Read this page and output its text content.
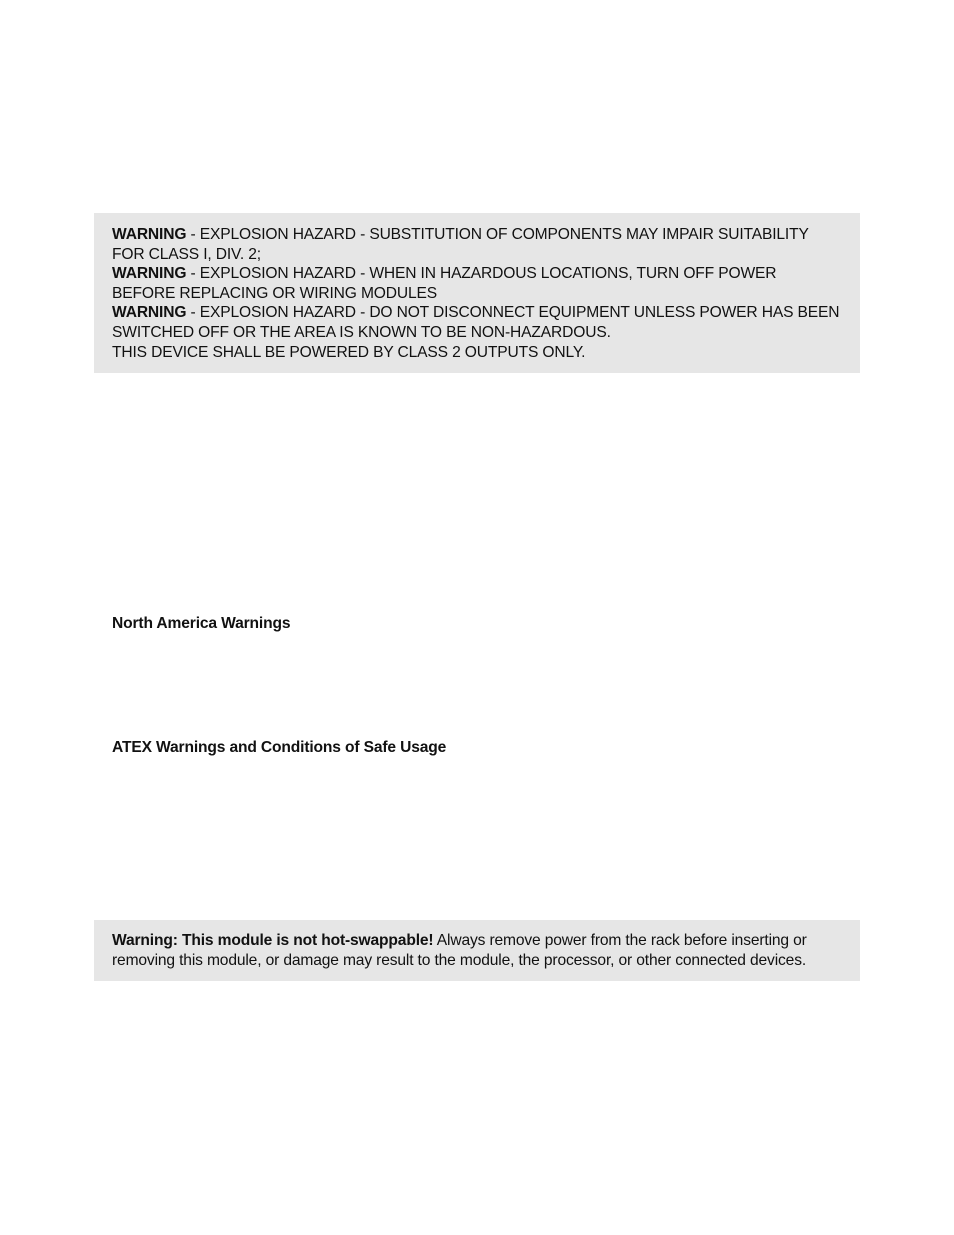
WARNING - EXPLOSION HAZARD - SUBSTITUTION OF COMPONENTS MAY IMPAIR SUITABILITY FOR CLASS I, DIV. 2;
WARNING - EXPLOSION HAZARD - WHEN IN HAZARDOUS LOCATIONS, TURN OFF POWER BEFORE REPLACING OR WIRING MODULES
WARNING - EXPLOSION HAZARD - DO NOT DISCONNECT EQUIPMENT UNLESS POWER HAS BEEN SWITCHED OFF OR THE AREA IS KNOWN TO BE NON-HAZARDOUS.
THIS DEVICE SHALL BE POWERED BY CLASS 2 OUTPUTS ONLY.
North America Warnings
ATEX Warnings and Conditions of Safe Usage
Warning: This module is not hot-swappable! Always remove power from the rack before inserting or removing this module, or damage may result to the module, the processor, or other connected devices.
